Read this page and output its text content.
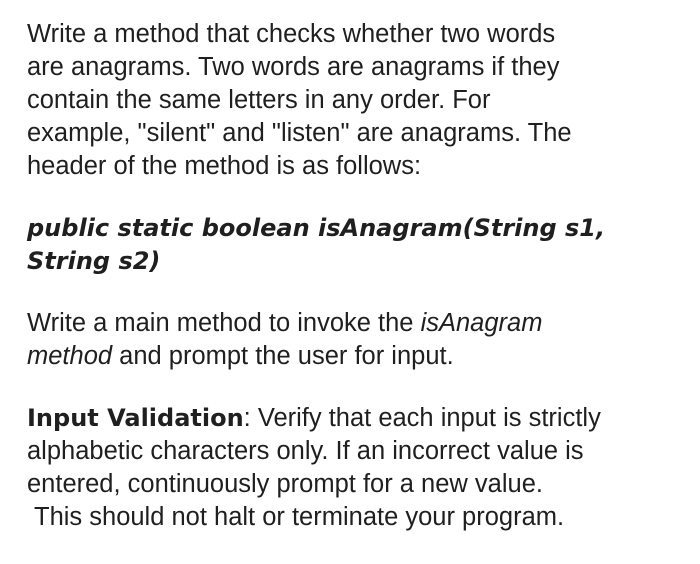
Write a method that checks whether two words
are anagrams. Two words are anagrams if they
contain the same letters in any order. For
example, "silent" and "listen" are anagrams. The
header of the method is as follows:

public static boolean isAnagram(String s1,
String s2)

Write a main method to invoke the isAnagram
method and prompt the user for input.

Input Validation: Verify that each input is strictly
alphabetic characters only. If an incorrect value is
entered, continuously prompt for a new value.
This should not halt or terminate your program.
